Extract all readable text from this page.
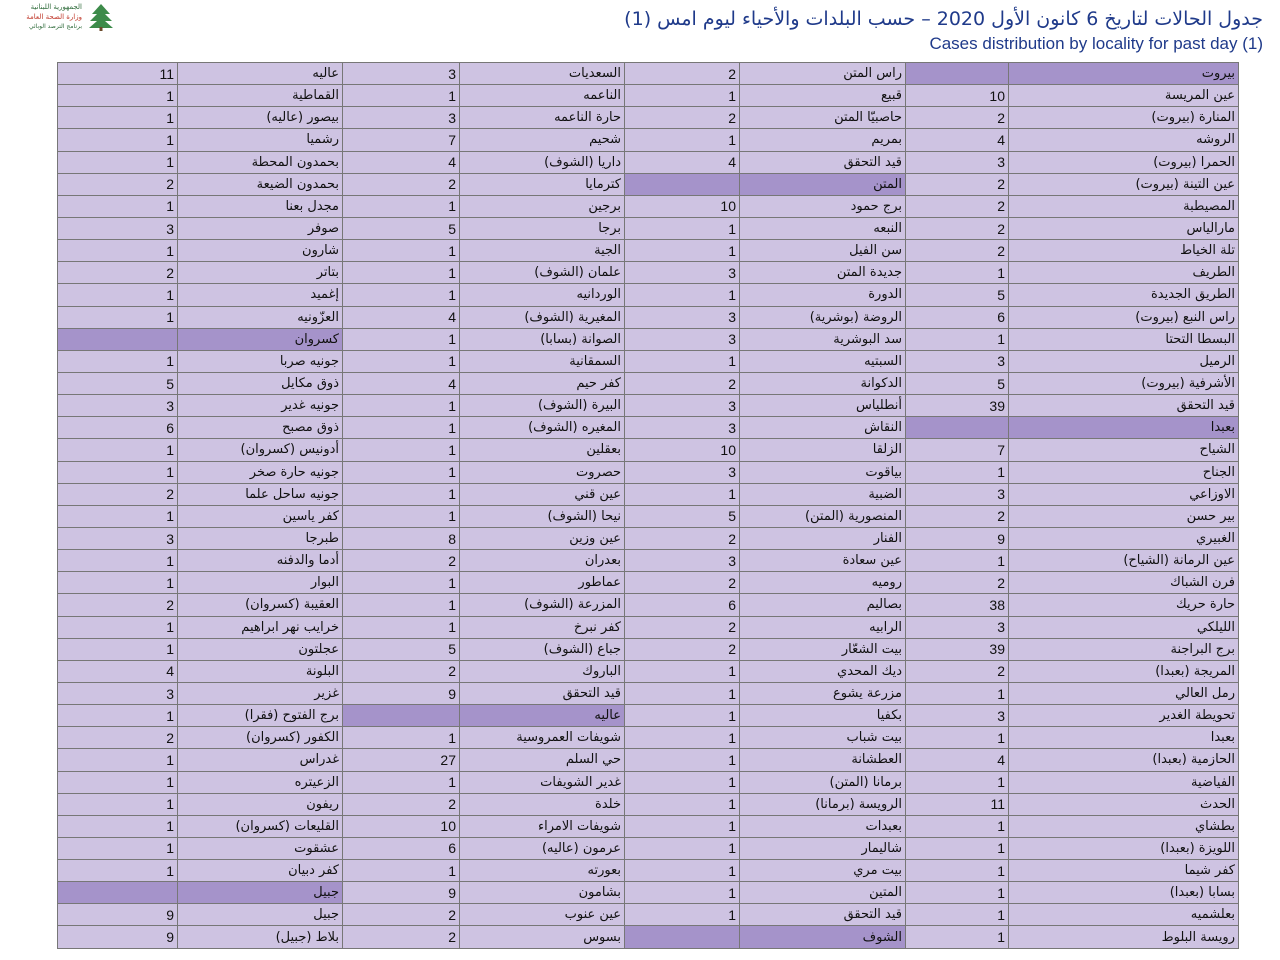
الجمهورية اللبنانية
وزارة الصحة العامة
برنامج الترصد الوبائي	جدول الحالات لتاريخ 6 كانون الأول 2020 – حسب البلدات والأحياء ليوم امس (1)
Cases distribution by locality for past day (1)
11	عاليه	3	السعديات	2	راس المتن		بيروت
1	القماطية	1	الناعمه	1	قبيع	10	عين المريسة
1	بيصور (عاليه)	3	حارة الناعمه	2	حاصبيّا المتن	2	المنارة (بيروت)
1	رشميا	7	شحيم	1	بمريم	4	الروشه
1	بحمدون المحطة	4	داريا (الشوف)	4	قيد التحقق	3	الحمرا (بيروت)
2	بحمدون الضيعة	2	كترمايا		المتن	2	عين التينة (بيروت)
1	مجدل بعنا	1	برجين	10	برج حمود	2	المصيطبة
3	صوفر	5	برجا	1	النبعه	2	مارالياس
1	شارون	1	الجية	1	سن الفيل	2	تلة الخياط
2	بتاتر	1	علمان (الشوف)	3	جديدة المتن	1	الطريف
1	إغميد	1	الوردانيه	1	الدورة	5	الطريق الجديدة
1	العزّونيه	4	المغيرية (الشوف)	3	الروضة (بوشرية)	6	راس النبع (بيروت)
	كسروان	1	الصوانة (بسابا)	3	سد البوشرية	1	البسطا التحتا
1	جونيه صربا	1	السمقانية	1	السبتيه	3	الرميل
5	ذوق مكايل	4	كفر حيم	2	الدكوانة	5	الأشرفية (بيروت)
3	جونيه غدير	1	البيرة (الشوف)	3	أنطلياس	39	قيد التحقق
6	ذوق مصبح	1	المغيره (الشوف)	3	النقاش		بعبدا
1	أدونيس (كسروان)	1	بعقلين	10	الزلقا	7	الشياح
1	جونيه حارة صخر	1	حصروت	3	بياقوت	1	الجناح
2	جونيه ساحل علما	1	عين قني	1	الضبية	3	الاوزاعي
1	كفر ياسين	1	نيحا (الشوف)	5	المنصورية (المتن)	2	بير حسن
3	طبرجا	8	عين وزين	2	الفنار	9	الغبيري
1	أدما والدفنه	2	بعدران	3	عين سعادة	1	عين الرمانة (الشياح)
1	البوار	1	عماطور	2	روميه	2	فرن الشباك
2	العقيبة (كسروان)	1	المزرعة (الشوف)	6	بصاليم	38	حارة حريك
1	خرايب نهر ابراهيم	1	كفر نبرخ	2	الرابيه	3	الليلكي
1	عجلتون	5	جباع (الشوف)	2	بيت الشعّار	39	برج البراجنة
4	البلونة	2	الباروك	1	ديك المحدي	2	المريجة (بعبدا)
3	غزير	9	قيد التحقق	1	مزرعة يشوع	1	رمل العالي
1	برج الفتوح (فقرا)		عاليه	1	بكفيا	3	تحويطة الغدير
2	الكفور (كسروان)	1	شويفات العمروسية	1	بيت شباب	1	بعبدا
1	غدراس	27	حي السلم	1	العطشانة	4	الحازمية (بعبدا)
1	الزعيتره	1	غدير الشويفات	1	برمانا (المتن)	1	الفياضية
1	ريفون	2	خلدة	1	الرويسة (برمانا)	11	الحدث
1	القليعات (كسروان)	10	شويفات الامراء	1	بعبدات	1	بطشاي
1	عشقوت	6	عرمون (عاليه)	1	شاليمار	1	اللويزة (بعبدا)
1	كفر دبيان	1	بعورته	1	بيت مري	1	كفر شيما
	جبيل	9	بشامون	1	المتين	1	بسابا (بعبدا)
9	جبيل	2	عين عنوب	1	قيد التحقق	1	بعلشميه
9	بلاط (جبيل)	2	بسوس		الشوف	1	رويسة البلوط
